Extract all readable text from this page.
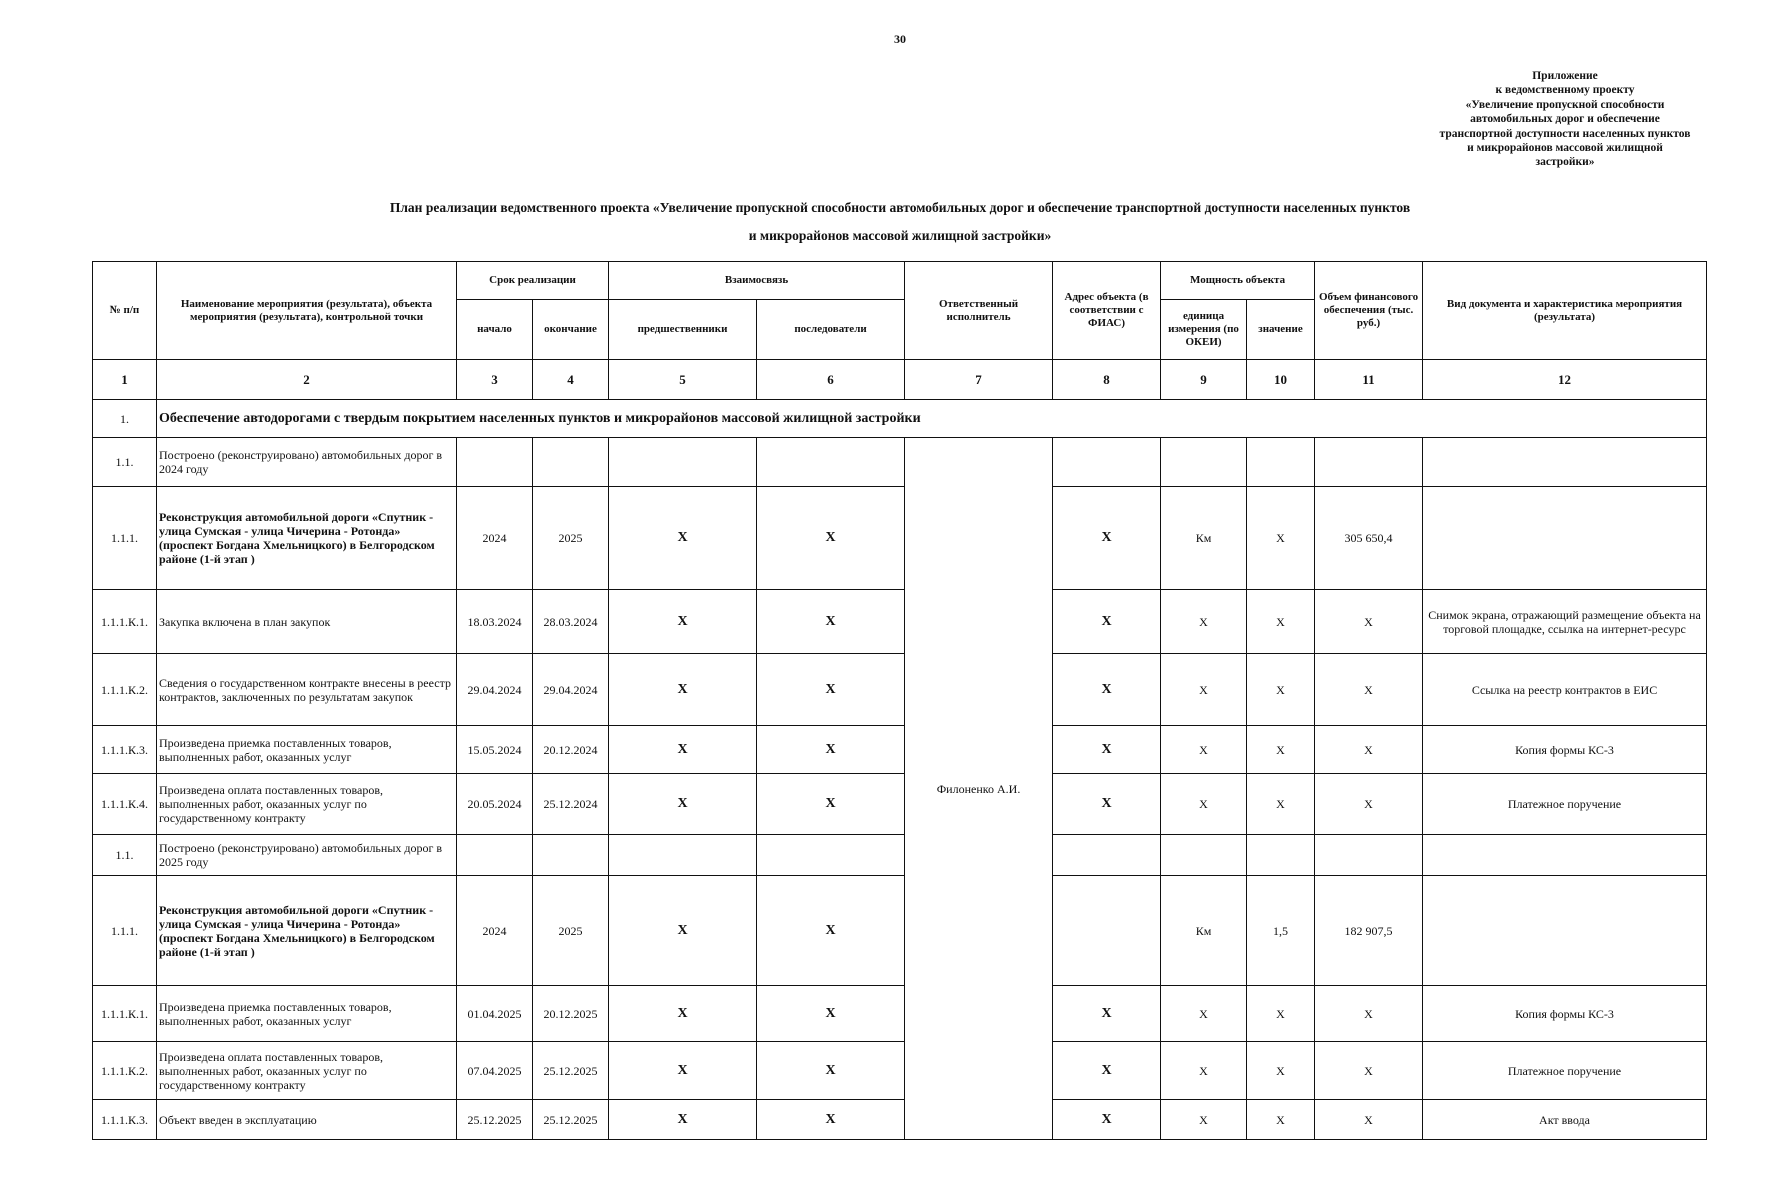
30
Приложение
к ведомственному проекту
«Увеличение пропускной способности
автомобильных дорог и обеспечение
транспортной доступности населенных пунктов
и микрорайонов массовой жилищной
застройки»
План реализации ведомственного проекта «Увеличение пропускной способности автомобильных дорог и обеспечение транспортной доступности населенных пунктов
и микрорайонов массовой жилищной застройки»
№ п/п	Наименование мероприятия (результата), объекта мероприятия (результата), контрольной точки	Срок реализации		Взаимосвязь		Ответственный исполнитель	Адрес объекта (в соответствии с ФИАС)	Мощность объекта		Объем финансового обеспечения (тыс. руб.)	Вид документа и характеристика мероприятия (результата)
		начало	окончание	предшественники	последователи			единица измерения (по ОКЕИ)	значение		
1	2	3	4	5	6	7	8	9	10	11	12
1.	Обеспечение автодорогами с твердым покрытием населенных пунктов и микрорайонов массовой жилищной застройки										
1.1.	Построено (реконструировано) автомобильных дорог в 2024 году					Филоненко А.И.					
1.1.1.	Реконструкция автомобильной дороги «Спутник - улица Сумская - улица Чичерина - Ротонда» (проспект Богдана Хмельницкого) в Белгородском районе (1-й этап )	2024	2025	X	X		X	Км	X	305 650,4	
1.1.1.К.1.	Закупка включена в план закупок	18.03.2024	28.03.2024	X	X		X	X	X	X	Снимок экрана, отражающий размещение объекта на торговой площадке, ссылка на интернет-ресурс
1.1.1.К.2.	Сведения о государственном контракте внесены в реестр контрактов, заключенных по результатам закупок	29.04.2024	29.04.2024	X	X		X	X	X	X	Ссылка на реестр контрактов в ЕИС
1.1.1.К.3.	Произведена приемка поставленных товаров, выполненных работ, оказанных услуг	15.05.2024	20.12.2024	X	X		X	X	X	X	Копия формы КС-3
1.1.1.К.4.	Произведена оплата поставленных товаров, выполненных работ, оказанных услуг по государственному контракту	20.05.2024	25.12.2024	X	X		X	X	X	X	Платежное поручение
1.1.	Построено (реконструировано) автомобильных дорог в 2025 году										
1.1.1.	Реконструкция автомобильной дороги «Спутник - улица Сумская - улица Чичерина - Ротонда» (проспект Богдана Хмельницкого) в Белгородском районе (1-й этап )	2024	2025	X	X			Км	1,5	182 907,5	
1.1.1.К.1.	Произведена приемка поставленных товаров, выполненных работ, оказанных услуг	01.04.2025	20.12.2025	X	X		X	X	X	X	Копия формы КС-3
1.1.1.К.2.	Произведена оплата поставленных товаров, выполненных работ, оказанных услуг по государственному контракту	07.04.2025	25.12.2025	X	X		X	X	X	X	Платежное поручение
1.1.1.К.3.	Объект введен в эксплуатацию	25.12.2025	25.12.2025	X	X		X	X	X	X	Акт ввода
